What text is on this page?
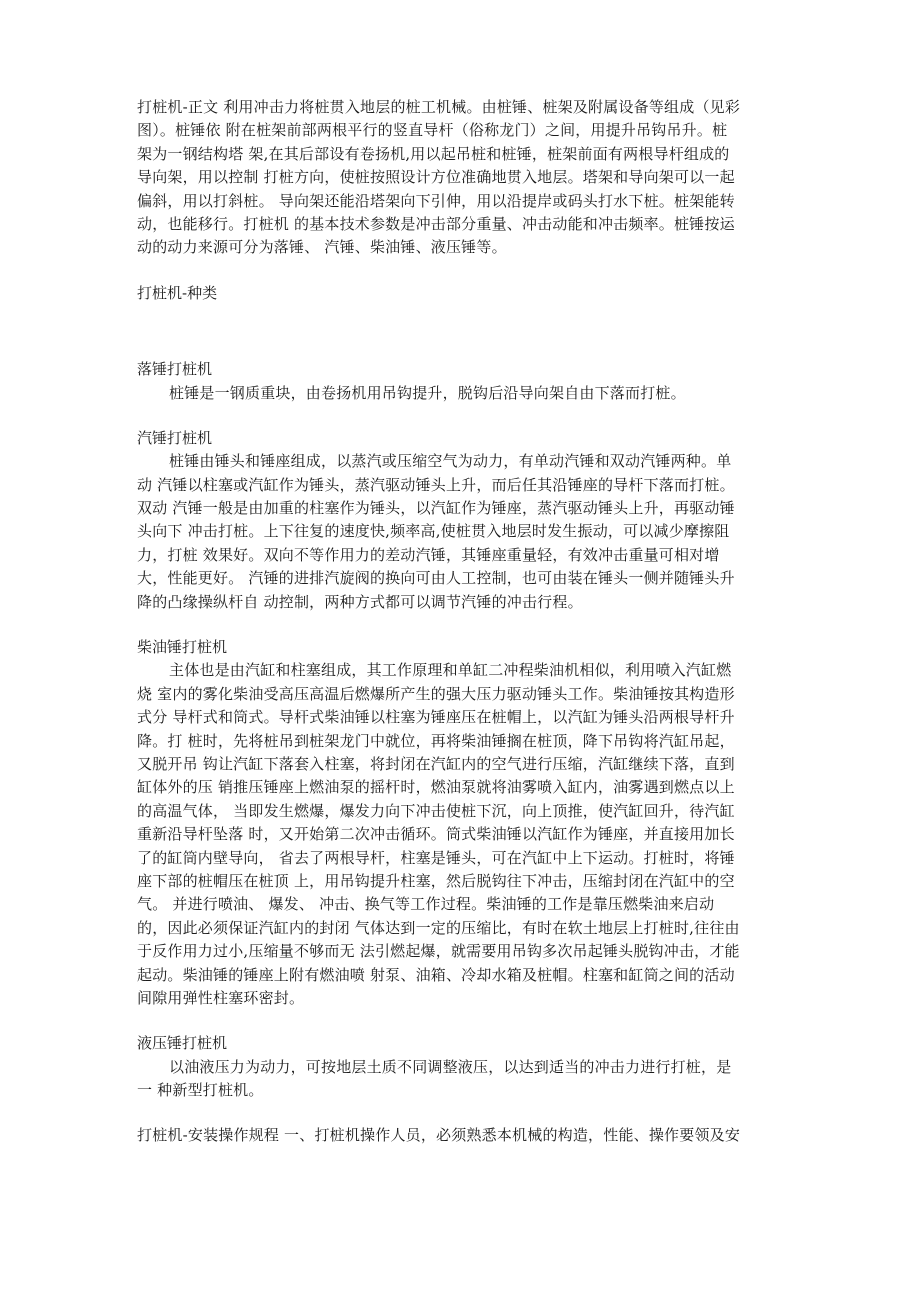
打桩机-正文 利用冲击力将桩贯入地层的桩工机械。由桩锤、桩架及附属设备等组成（见彩
图）。桩锤依 附在桩架前部两根平行的竖直导杆（俗称龙门）之间，用提升吊钩吊升。桩
架为一钢结构塔 架,在其后部设有卷扬机,用以起吊桩和桩锤，桩架前面有两根导杆组成的
导向架，用以控制 打桩方向，使桩按照设计方位准确地贯入地层。塔架和导向架可以一起
偏斜，用以打斜桩。 导向架还能沿塔架向下引伸，用以沿提岸或码头打水下桩。桩架能转
动，也能移行。打桩机 的基本技术参数是冲击部分重量、冲击动能和冲击频率。桩锤按运
动的动力来源可分为落锤、 汽锤、柴油锤、液压锤等。
打桩机-种类
落锤打桩机
桩锤是一钢质重块，由卷扬机用吊钩提升，脱钩后沿导向架自由下落而打桩。
汽锤打桩机
桩锤由锤头和锤座组成，以蒸汽或压缩空气为动力，有单动汽锤和双动汽锤两种。单
动 汽锤以柱塞或汽缸作为锤头，蒸汽驱动锤头上升，而后任其沿锤座的导杆下落而打桩。
双动 汽锤一般是由加重的柱塞作为锤头，以汽缸作为锤座，蒸汽驱动锤头上升，再驱动锤
头向下 冲击打桩。上下往复的速度快,频率高,使桩贯入地层时发生振动，可以减少摩擦阻
力，打桩 效果好。双向不等作用力的差动汽锤，其锤座重量轻，有效冲击重量可相对增
大，性能更好。 汽锤的进排汽旋阀的换向可由人工控制，也可由装在锤头一侧并随锤头升
降的凸缘操纵杆自 动控制，两种方式都可以调节汽锤的冲击行程。
柴油锤打桩机
主体也是由汽缸和柱塞组成，其工作原理和单缸二冲程柴油机相似，利用喷入汽缸燃
烧 室内的雾化柴油受高压高温后燃爆所产生的强大压力驱动锤头工作。柴油锤按其构造形
式分 导杆式和筒式。导杆式柴油锤以柱塞为锤座压在桩帽上，以汽缸为锤头沿两根导杆升
降。打 桩时，先将桩吊到桩架龙门中就位，再将柴油锤搁在桩顶，降下吊钩将汽缸吊起，
又脱开吊 钩让汽缸下落套入柱塞，将封闭在汽缸内的空气进行压缩，汽缸继续下落，直到
缸体外的压 销推压锤座上燃油泵的摇杆时，燃油泵就将油雾喷入缸内，油雾遇到燃点以上
的高温气体， 当即发生燃爆，爆发力向下冲击使桩下沉，向上顶推，使汽缸回升，待汽缸
重新沿导杆坠落 时，又开始第二次冲击循环。筒式柴油锤以汽缸作为锤座，并直接用加长
了的缸筒内壁导向， 省去了两根导杆，柱塞是锤头，可在汽缸中上下运动。打桩时，将锤
座下部的桩帽压在桩顶 上，用吊钩提升柱塞，然后脱钩往下冲击，压缩封闭在汽缸中的空
气。 并进行喷油、 爆发、 冲击、换气等工作过程。柴油锤的工作是靠压燃柴油来启动
的，因此必须保证汽缸内的封闭 气体达到一定的压缩比，有时在软土地层上打桩时,往往由
于反作用力过小,压缩量不够而无 法引燃起爆，就需要用吊钩多次吊起锤头脱钩冲击，才能
起动。柴油锤的锤座上附有燃油喷 射泵、油箱、冷却水箱及桩帽。柱塞和缸筒之间的活动
间隙用弹性柱塞环密封。
液压锤打桩机
以油液压力为动力，可按地层土质不同调整液压，以达到适当的冲击力进行打桩，是
一 种新型打桩机。
打桩机-安装操作规程 一、打桩机操作人员，必须熟悉本机械的构造，性能、操作要领及安
